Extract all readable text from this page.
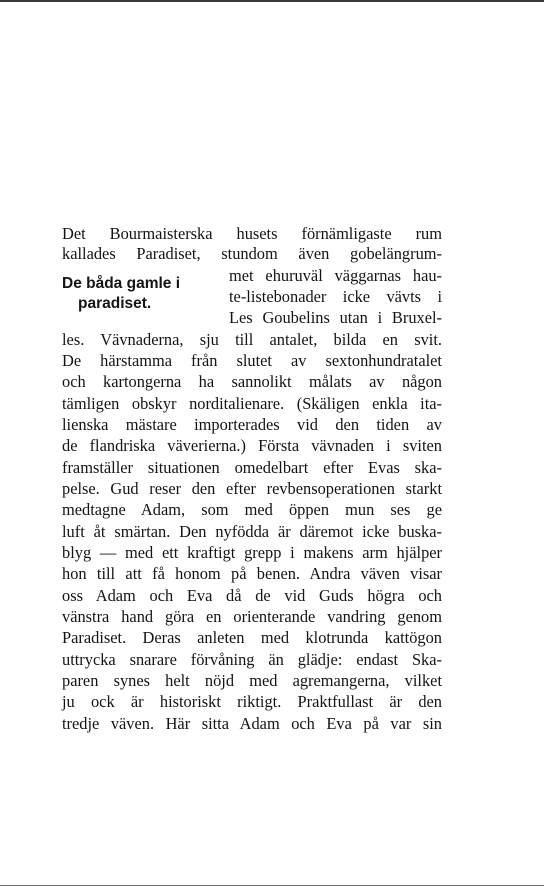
De båda gamle i
paradiset.
Det Bourmaisterska husets förnämligaste rum
kallades Paradiset, stundom även gobelängrum-
met ehuruväl väggarnas hau-
te-listebonader icke vävts i
Les Goubelins utan i Bruxel-
les. Vävnaderna, sju till antalet, bilda en svit.
De härstamma från slutet av sextonhundratalet
och kartongerna ha sannolikt målats av någon
tämligen obskyr norditalienare. (Skäligen enkla ita-
lienska mästare importerades vid den tiden av
de flandriska väverierna.) Första vävnaden i sviten
framställer situationen omedelbart efter Evas ska-
pelse. Gud reser den efter revbensoperationen starkt
medtagne Adam, som med öppen mun ses ge
luft åt smärtan. Den nyfödda är däremot icke buska-
blyg — med ett kraftigt grepp i makens arm hjälper
hon till att få honom på benen. Andra väven visar
oss Adam och Eva då de vid Guds högra och
vänstra hand göra en orienterande vandring genom
Paradiset. Deras anleten med klotrunda kattögon
uttrycka snarare förvåning än glädje: endast Ska-
paren synes helt nöjd med agremangerna, vilket
ju ock är historiskt riktigt. Praktfullast är den
tredje väven. Här sitta Adam och Eva på var sin
